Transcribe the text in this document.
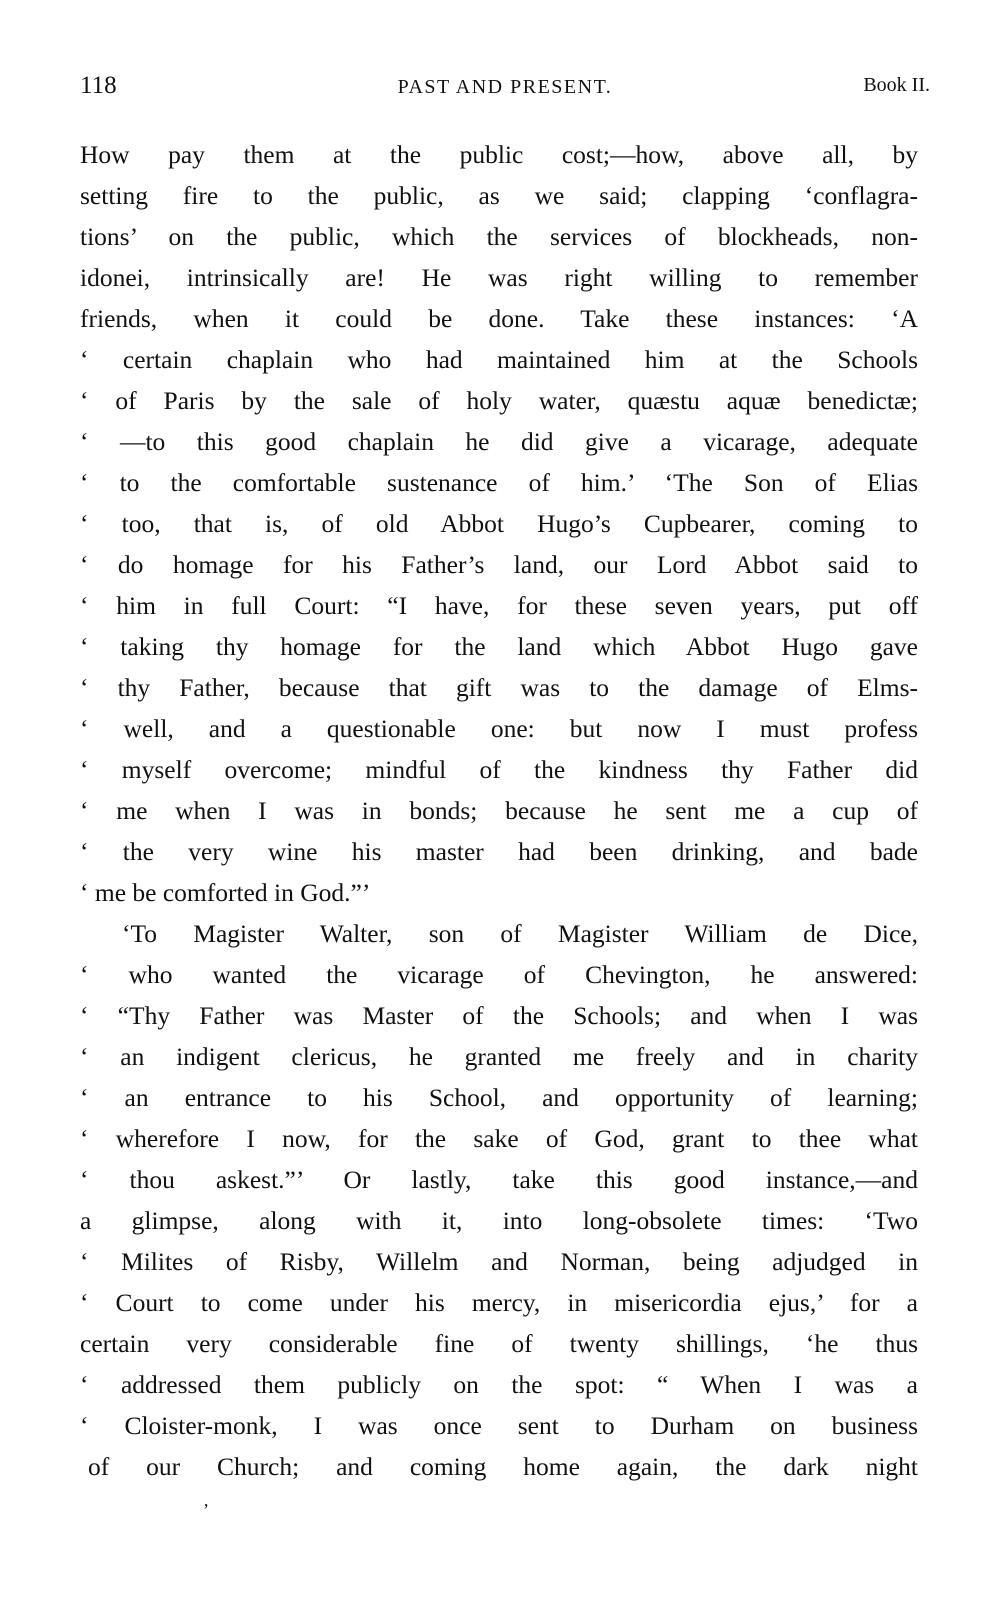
118	PAST AND PRESENT.	Book II.
How pay them at the public cost;—how, above all, by
setting fire to the public, as we said; clapping ‘conflagra-
tions’ on the public, which the services of blockheads, non-
idonei, intrinsically are! He was right willing to remember
friends, when it could be done. Take these instances: ‘A
‘ certain chaplain who had maintained him at the Schools
‘ of Paris by the sale of holy water, quæstu aquæ benedictæ;
‘ —to this good chaplain he did give a vicarage, adequate
‘ to the comfortable sustenance of him.’ ‘The Son of Elias
‘ too, that is, of old Abbot Hugo’s Cupbearer, coming to
‘ do homage for his Father’s land, our Lord Abbot said to
‘ him in full Court: “I have, for these seven years, put off
‘ taking thy homage for the land which Abbot Hugo gave
‘ thy Father, because that gift was to the damage of Elms-
‘ well, and a questionable one: but now I must profess
‘ myself overcome; mindful of the kindness thy Father did
‘ me when I was in bonds; because he sent me a cup of
‘ the very wine his master had been drinking, and bade
‘ me be comforted in God.”’
‘To Magister Walter, son of Magister William de Dice,
‘ who wanted the vicarage of Chevington, he answered:
‘ “Thy Father was Master of the Schools; and when I was
‘ an indigent clericus, he granted me freely and in charity
‘ an entrance to his School, and opportunity of learning;
‘ wherefore I now, for the sake of God, grant to thee what
‘ thou askest.”’ Or lastly, take this good instance,—and
a glimpse, along with it, into long-obsolete times: ‘Two
‘ Milites of Risby, Willelm and Norman, being adjudged in
‘ Court to come under his mercy, in misericordia ejus,’ for a
certain very considerable fine of twenty shillings, ‘he thus
‘ addressed them publicly on the spot: “ When I was a
‘ Cloister-monk, I was once sent to Durham on business
of our Church; and coming home again, the dark night
’
